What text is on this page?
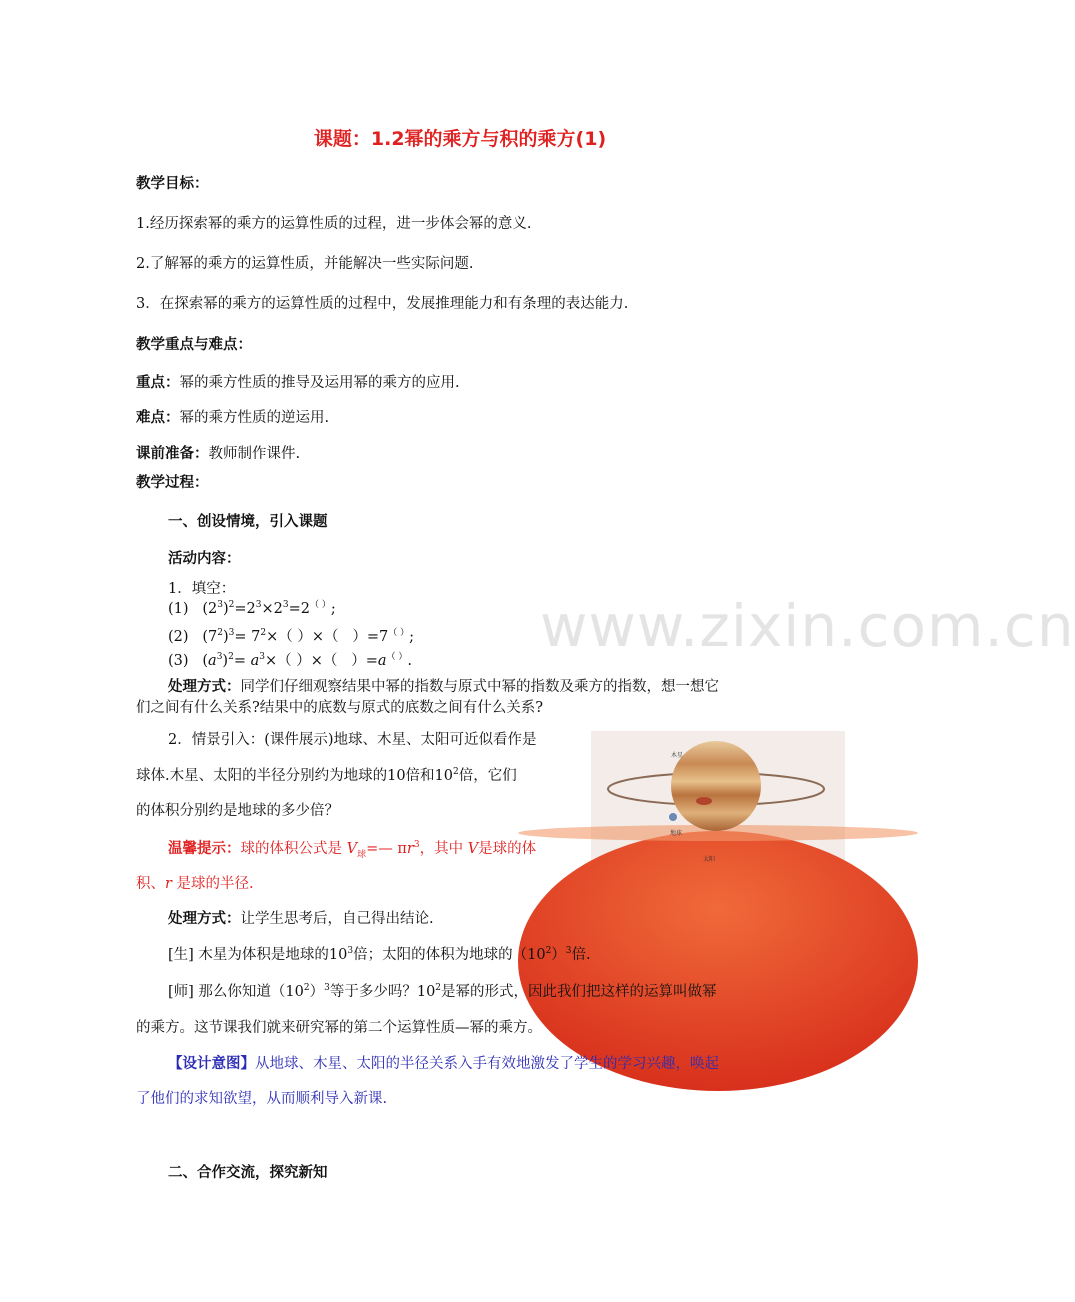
课题：1.2幂的乘方与积的乘方(1)
教学目标：
1.经历探索幂的乘方的运算性质的过程，进一步体会幂的意义.
2.了解幂的乘方的运算性质，并能解决一些实际问题.
3．在探索幂的乘方的运算性质的过程中，发展推理能力和有条理的表达能力.
教学重点与难点：
重点：幂的乘方性质的推导及运用幂的乘方的应用.
难点：幂的乘方性质的逆运用.
课前准备：教师制作课件.
教学过程：
一、创设情境，引入课题
活动内容：
1．填空：
(1)   $(2^3)^2=2^3\times 2^3=2^{( )}$;
(2)   $(7^2)^3= 7^2\times$（ ）×（   ）=7（ ）;
(3)   $(a^3)^2= a^3\times$（ ）×（   ）=a（ ）.
www.zixin.com.cn
处理方式：同学们仔细观察结果中幂的指数与原式中幂的指数及乘方的指数，想一想它
们之间有什么关系?结果中的底数与原式的底数之间有什么关系?
2．情景引入：(课件展示)地球、木星、太阳可近似看作是
球体.木星、太阳的半径分别约为地球的10倍和$10^2$倍，它们
的体积分别约是地球的多少倍？
温馨提示：球的体积公式是 $V_球=—$ $\pi r^3$，其中 V是球的体
积、r 是球的半径.
木星
地球
太阳
处理方式：让学生思考后，自己得出结论.
[生] 木星为体积是地球的$10^3$倍；太阳的体积为地球的$(10^2)^3$倍.
[师] 那么你知道$(10^2)^3$等于多少吗？$10^2$是幂的形式，因此我们把这样的运算叫做幂
的乘方。这节课我们就来研究幂的第二个运算性质—幂的乘方。
【设计意图】从地球、木星、太阳的半径关系入手有效地激发了学生的学习兴趣，唤起
了他们的求知欲望，从而顺利导入新课.
二、合作交流，探究新知
